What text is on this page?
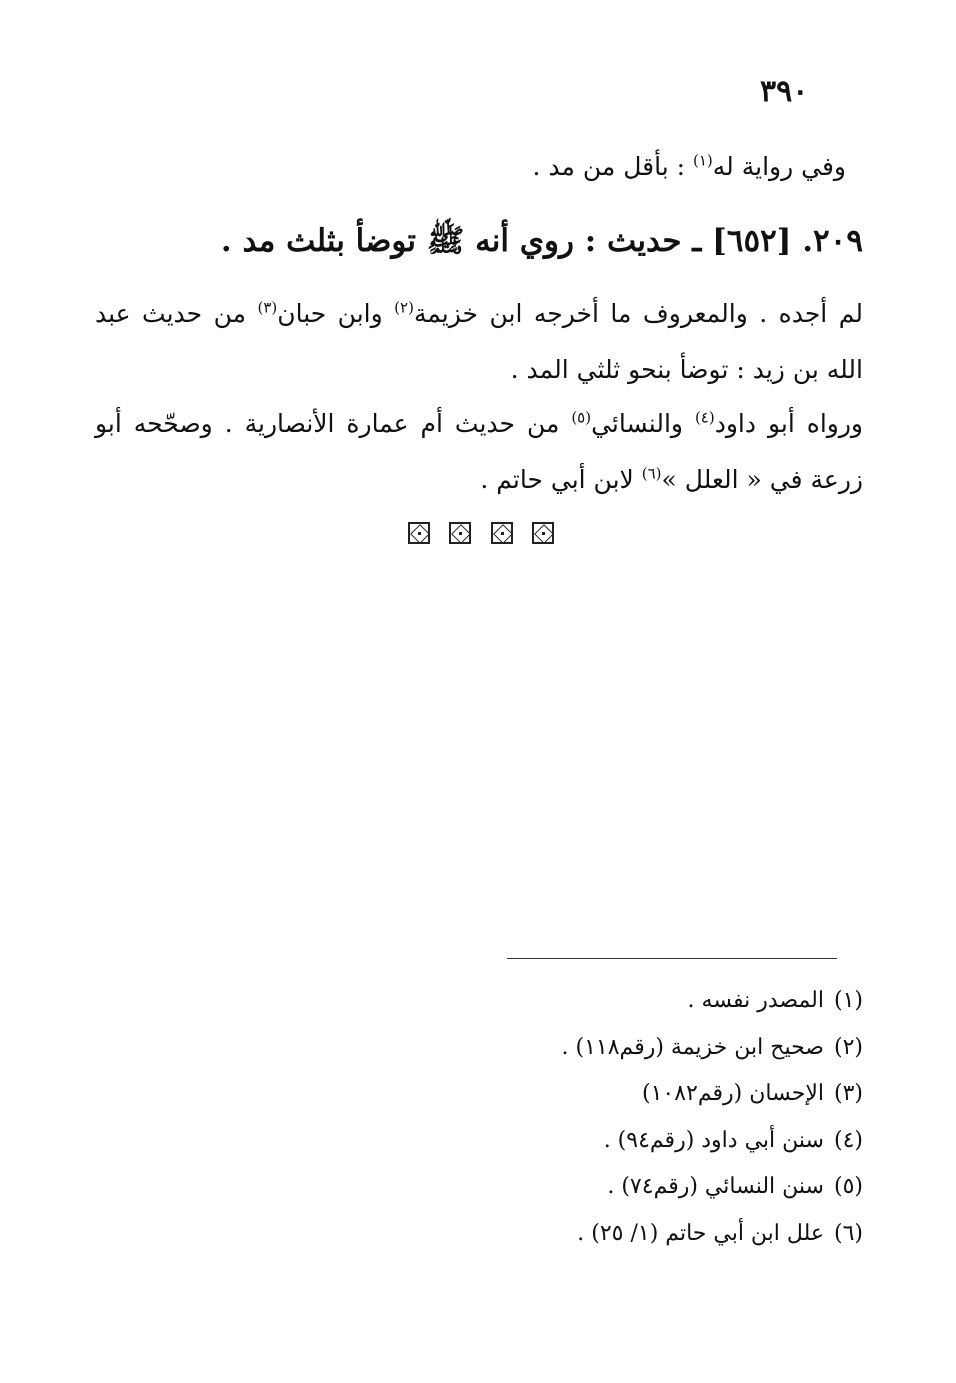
٣٩٠
وفي رواية له$^{(١)}$ : بأقل من مد .
٢٠٩. [٦٥٢] ـ حديث : روي أنه ﷺ توضأ بثلث مد .
لم أجده . والمعروف ما أخرجه ابن خزيمة$^{(٢)}$ وابن حبان$^{(٣)}$ من حديث عبد الله بن زيد : توضأ بنحو ثلثي المد .
ورواه أبو داود$^{(٤)}$ والنسائي$^{(٥)}$ من حديث أم عمارة الأنصارية . وصحّحه أبو زرعة في « العلل »$^{(٦)}$ لابن أبي حاتم .
(١)المصدر نفسه .
(٢)صحيح ابن خزيمة (رقم١١٨) .
(٣)الإحسان (رقم١٠٨٢)
(٤)سنن أبي داود (رقم٩٤) .
(٥)سنن النسائي (رقم٧٤) .
(٦)علل ابن أبي حاتم (١/ ٢٥) .
